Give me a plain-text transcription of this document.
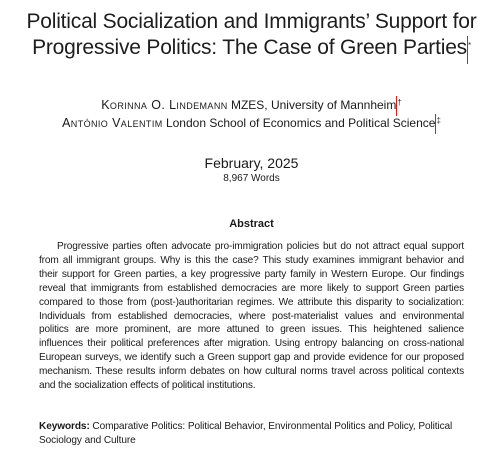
Political Socialization and Immigrants’ Support for
Progressive Politics: The Case of Green Parties*
Korinna O. Lindemann MZES, University of Mannheim†
António Valentim London School of Economics and Political Science‡
February, 2025
8,967 Words
Abstract

Progressive parties often advocate pro-immigration policies but do not attract equal support from all immigrant groups. Why is this the case? This study examines immigrant behavior and their support for Green parties, a key progressive party family in Western Europe. Our findings reveal that immigrants from established democracies are more likely to support Green parties compared to those from (post-)authoritarian regimes. We attribute this disparity to socialization: Individuals from established democracies, where post-materialist values and environmental politics are more prominent, are more attuned to green issues. This heightened salience influences their political preferences after migration. Using entropy balancing on cross-national European surveys, we identify such a Green support gap and provide evidence for our proposed mechanism. These results inform debates on how cultural norms travel across political contexts and the socialization effects of political institutions.

Keywords: Comparative Politics: Political Behavior, Environmental Politics and Policy, Political Sociology and Culture
